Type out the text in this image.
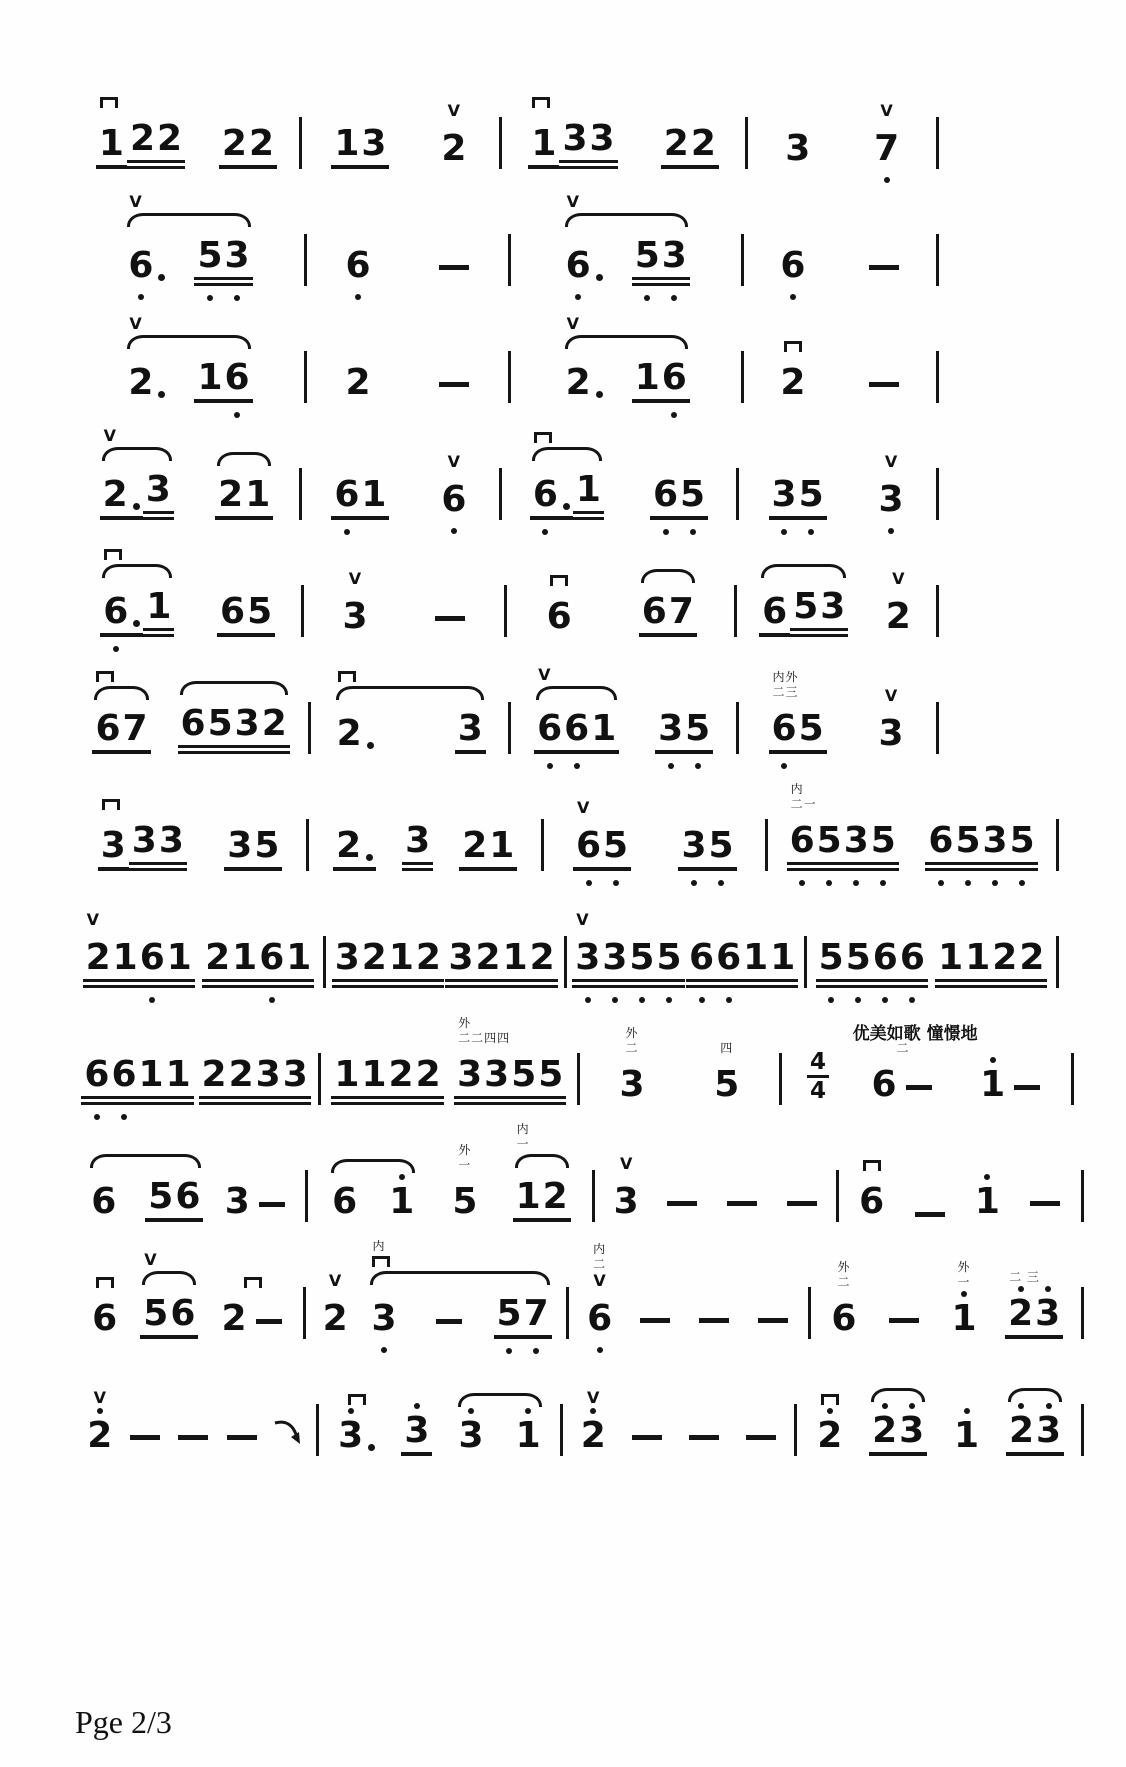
1 2 2 2 2 1 3
V
2 1 3 3 2 2 3
V
7
V
6 5 3	6
V
6 5 3	6
V
2 1 6	2
V
2 1 6	2
V
2 3 2 1 6 1
V
6 6 1 6 5 3 5
V
3
6 1 6 5
V
3	6 6 7 6 5 3
V
2
6 7 6 5 3 2 2	3
V
6 6 1 3 5
内外
二三
6 5
V
3
3 3 3 3 5 2 3 2 1
V
6 5 3 5
内
二一
6 5 3 5 6 5 3 5
V
2 1 6 1 2 1 6 1 3 2 1 2 3 2 1 2
V
3 3 5 5 6 6 1 1 5 5 6 6 1 1 2 2
6 6 1 1 2 2 3 3 1 1 2 2
外
二二四四
3 3 5 5
外
二
3
四
5
优美如歌 憧憬地
$\frac{4}{4}$
二
6 1
6 5 6 3 6 1
外
一
5
内
一
1 2
V
3	6	1
6
V
5 6 2
V
2
内
3	5 7
内
二
V
6
外
二
6
外
一
1
二 三
2 3
V
2	3 3 3 1
V
2	2 2 3 1 2 3
Pge 2/3
